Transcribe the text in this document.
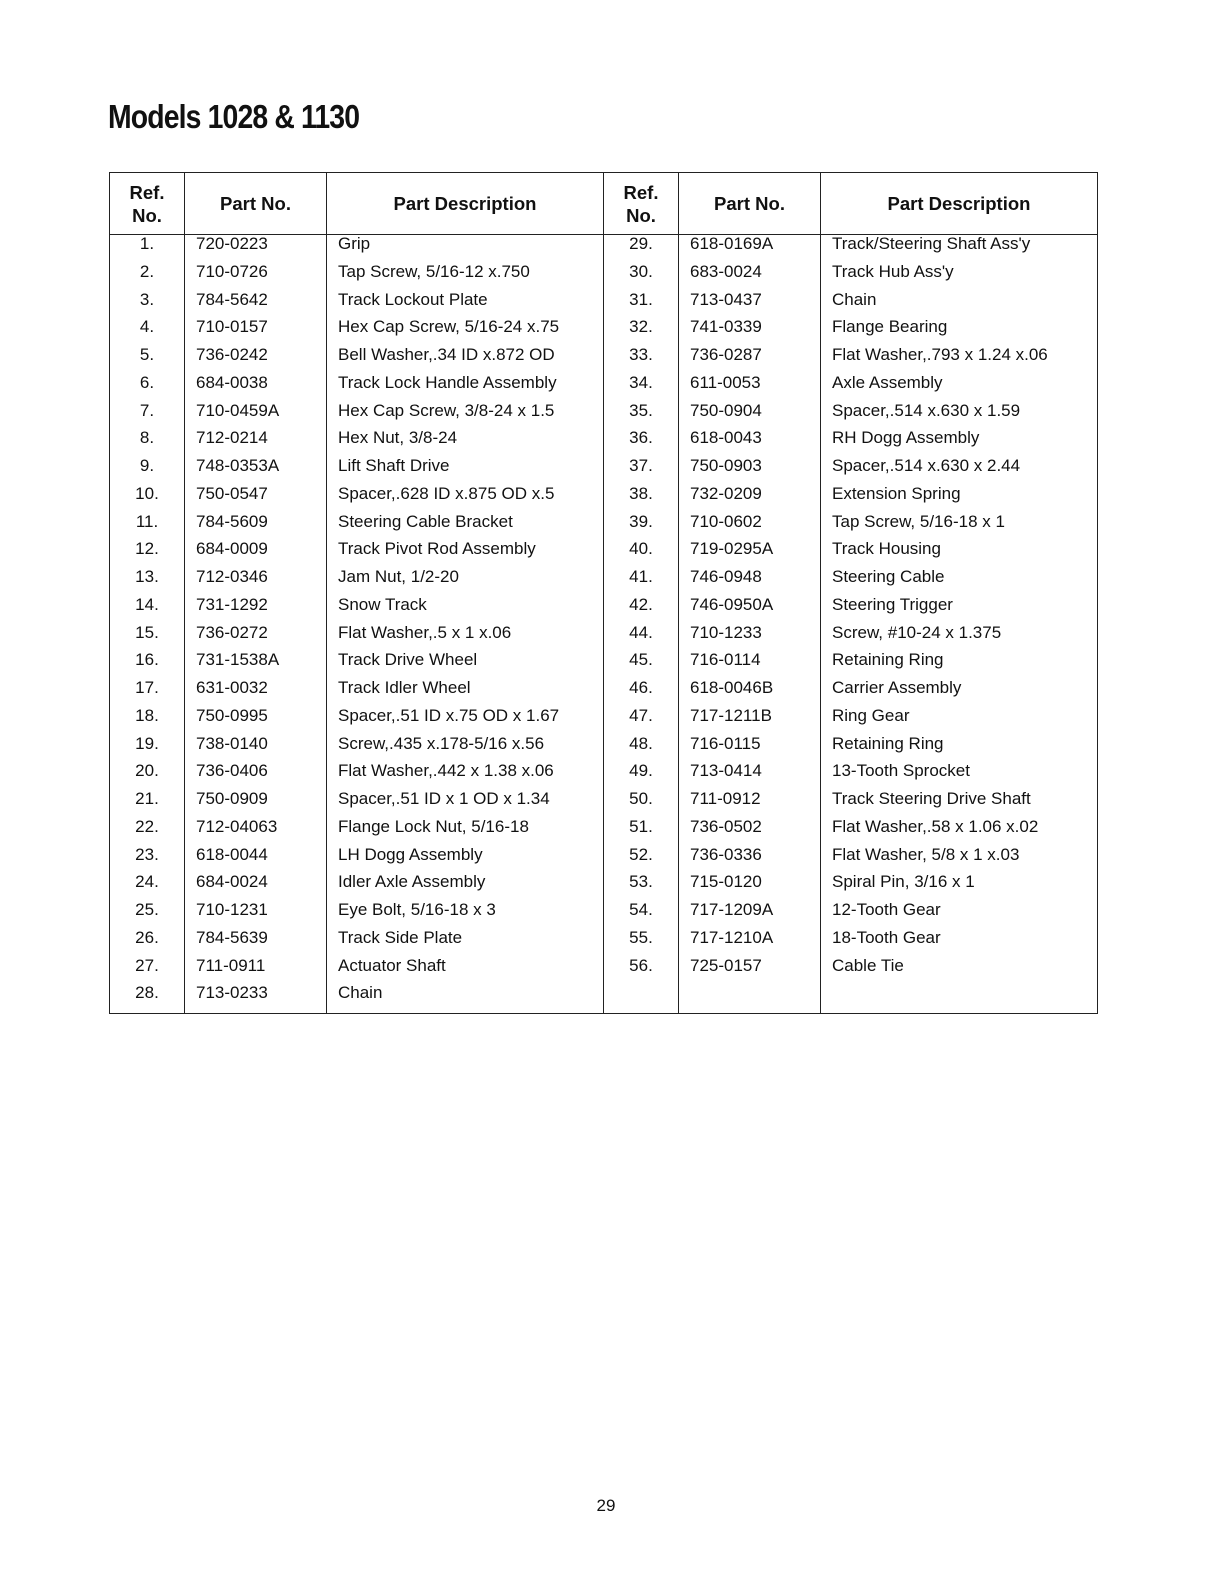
Models 1028 & 1130
Ref.
No.	Part No.	Part Description	Ref.
No.	Part No.	Part Description
1.	720-0223	Grip	29.	618-0169A	Track/Steering Shaft Ass'y
2.	710-0726	Tap Screw, 5/16-12 x.750	30.	683-0024	Track Hub Ass'y
3.	784-5642	Track Lockout Plate	31.	713-0437	Chain
4.	710-0157	Hex Cap Screw, 5/16-24 x.75	32.	741-0339	Flange Bearing
5.	736-0242	Bell Washer,.34 ID x.872 OD	33.	736-0287	Flat Washer,.793 x 1.24 x.06
6.	684-0038	Track Lock Handle Assembly	34.	611-0053	Axle Assembly
7.	710-0459A	Hex Cap Screw, 3/8-24 x 1.5	35.	750-0904	Spacer,.514 x.630 x 1.59
8.	712-0214	Hex Nut, 3/8-24	36.	618-0043	RH Dogg Assembly
9.	748-0353A	Lift Shaft Drive	37.	750-0903	Spacer,.514 x.630 x 2.44
10.	750-0547	Spacer,.628 ID x.875 OD x.5	38.	732-0209	Extension Spring
11.	784-5609	Steering Cable Bracket	39.	710-0602	Tap Screw, 5/16-18 x 1
12.	684-0009	Track Pivot Rod Assembly	40.	719-0295A	Track Housing
13.	712-0346	Jam Nut, 1/2-20	41.	746-0948	Steering Cable
14.	731-1292	Snow Track	42.	746-0950A	Steering Trigger
15.	736-0272	Flat Washer,.5 x 1 x.06	44.	710-1233	Screw, #10-24 x 1.375
16.	731-1538A	Track Drive Wheel	45.	716-0114	Retaining Ring
17.	631-0032	Track Idler Wheel	46.	618-0046B	Carrier Assembly
18.	750-0995	Spacer,.51 ID x.75 OD x 1.67	47.	717-1211B	Ring Gear
19.	738-0140	Screw,.435 x.178-5/16 x.56	48.	716-0115	Retaining Ring
20.	736-0406	Flat Washer,.442 x 1.38 x.06	49.	713-0414	13-Tooth Sprocket
21.	750-0909	Spacer,.51 ID x 1 OD x 1.34	50.	711-0912	Track Steering Drive Shaft
22.	712-04063	Flange Lock Nut, 5/16-18	51.	736-0502	Flat Washer,.58 x 1.06 x.02
23.	618-0044	LH Dogg Assembly	52.	736-0336	Flat Washer, 5/8 x 1 x.03
24.	684-0024	Idler Axle Assembly	53.	715-0120	Spiral Pin, 3/16 x 1
25.	710-1231	Eye Bolt, 5/16-18 x 3	54.	717-1209A	12-Tooth Gear
26.	784-5639	Track Side Plate	55.	717-1210A	18-Tooth Gear
27.	711-0911	Actuator Shaft	56.	725-0157	Cable Tie
28.	713-0233	Chain			
29
